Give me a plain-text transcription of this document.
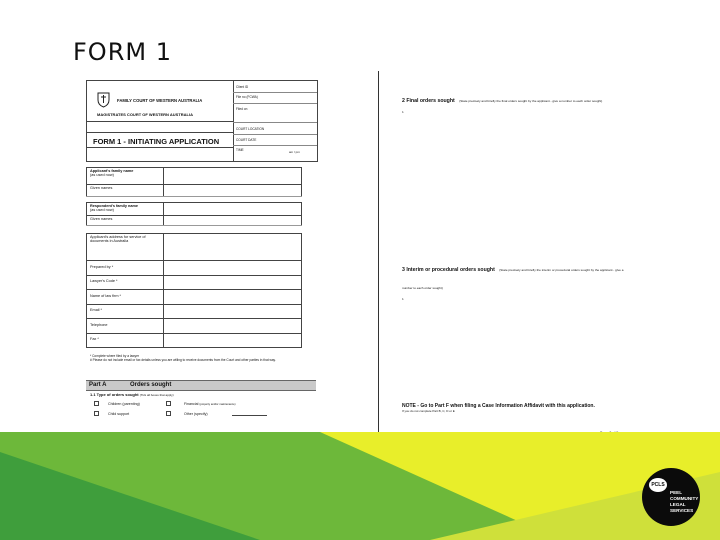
FORM 1
FAMILY COURT OF WESTERN AUSTRALIA
MAGISTRATES COURT OF WESTERN AUSTRALIA
FORM 1 - INITIATING APPLICATION
Client ID
File no (FCWA)
Filed on
COURT LOCATION
COURT DATE
TIME	am / pm
Applicant's family name
(as used now)
Given names
Respondent's family name
(as used now)
Given names
Applicant's address for service of documents in Australia
Prepared by *
Lawyer's Code *
Name of law firm *
Email *
Telephone
Fax *
* Complete where filed by a lawyer
# Please do not include email or fax details unless you are willing to receive documents from the Court and other parties in that way.
Part A	Orders sought
1.1 Type of orders sought (Tick all boxes that apply)
Children (parenting)
Child support
Financial (property and/or maintenance)
Other (specify)
2 Final orders sought (State precisely and briefly the final orders sought by the applicant - give a number to each order sought)
1
3 Interim or procedural orders sought (State precisely and briefly the interim or procedural orders sought by the applicant - give a number to each order sought)
1
NOTE - Go to Part F when filing a Case Information Affidavit with this application.
If you do not complete Part B, C, D or E
PCLS
PEEL
COMMUNITY
LEGAL
SERVICES
